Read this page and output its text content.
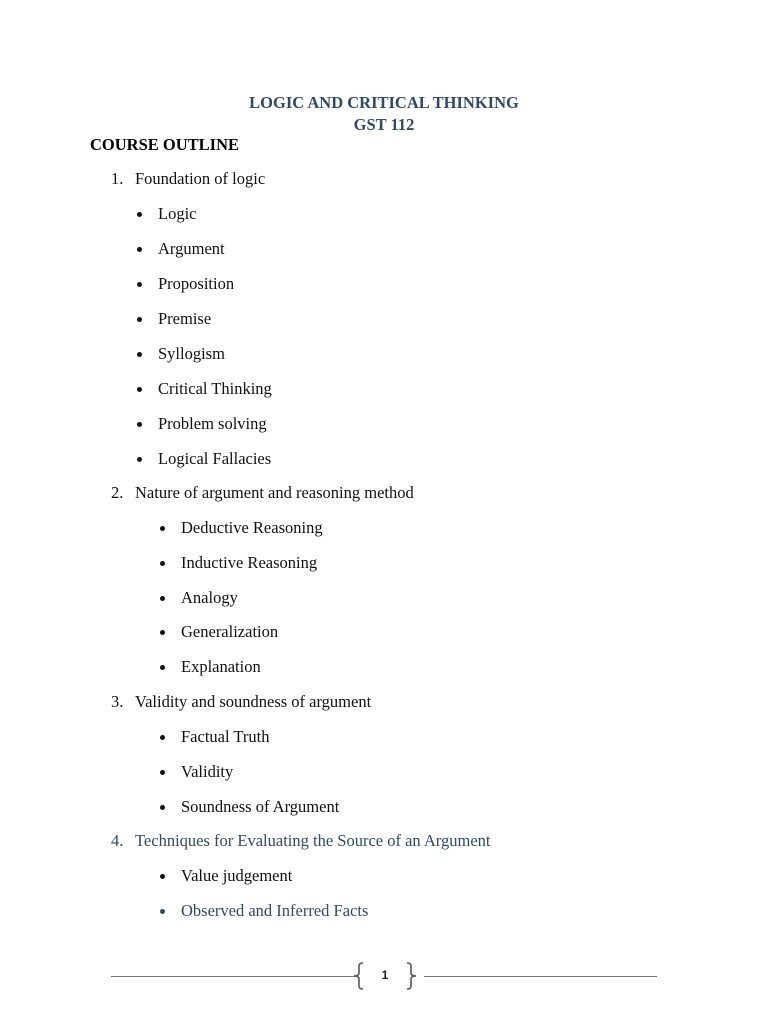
LOGIC AND CRITICAL THINKING
GST 112
COURSE OUTLINE
1. Foundation of logic
Logic
Argument
Proposition
Premise
Syllogism
Critical Thinking
Problem solving
Logical Fallacies
2. Nature of argument and reasoning method
Deductive Reasoning
Inductive Reasoning
Analogy
Generalization
Explanation
3. Validity and soundness of argument
Factual Truth
Validity
Soundness of Argument
4. Techniques for Evaluating the Source of an Argument
Value judgement
Observed and Inferred Facts
1
